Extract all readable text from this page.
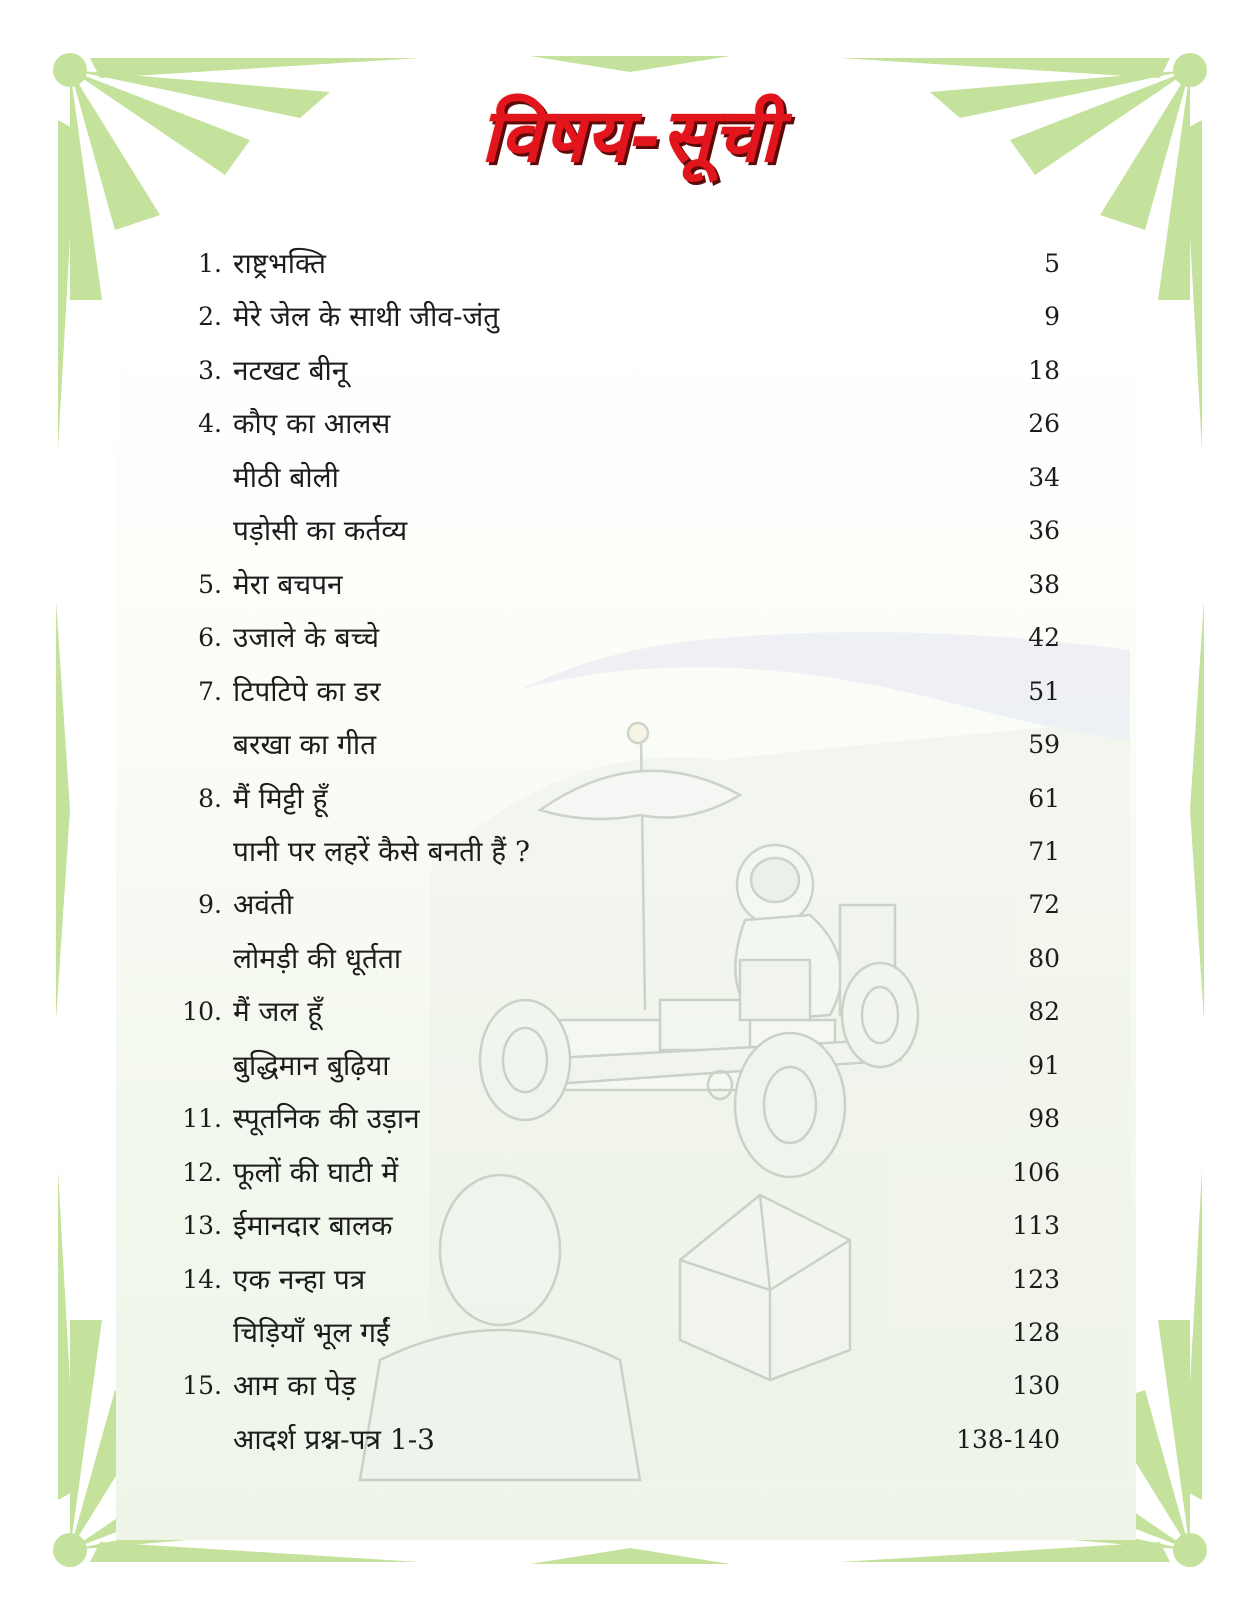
विषय-सूची
1. राष्ट्रभक्ति	5
2. मेरे जेल के साथी जीव-जंतु	9
3. नटखट बीनू	18
4. कौए का आलस	26
मीठी बोली	34
पड़ोसी का कर्तव्य	36
5. मेरा बचपन	38
6. उजाले के बच्चे	42
7. टिपटिपे का डर	51
बरखा का गीत	59
8. मैं मिट्टी हूँ	61
पानी पर लहरें कैसे बनती हैं ?	71
9. अवंती	72
लोमड़ी की धूर्तता	80
10. मैं जल हूँ	82
बुद्धिमान बुढ़िया	91
11. स्पूतनिक की उड़ान	98
12. फूलों की घाटी में	106
13. ईमानदार बालक	113
14. एक नन्हा पत्र	123
चिड़ियाँ भूल गईं	128
15. आम का पेड़	130
आदर्श प्रश्न-पत्र 1-3	138-140
